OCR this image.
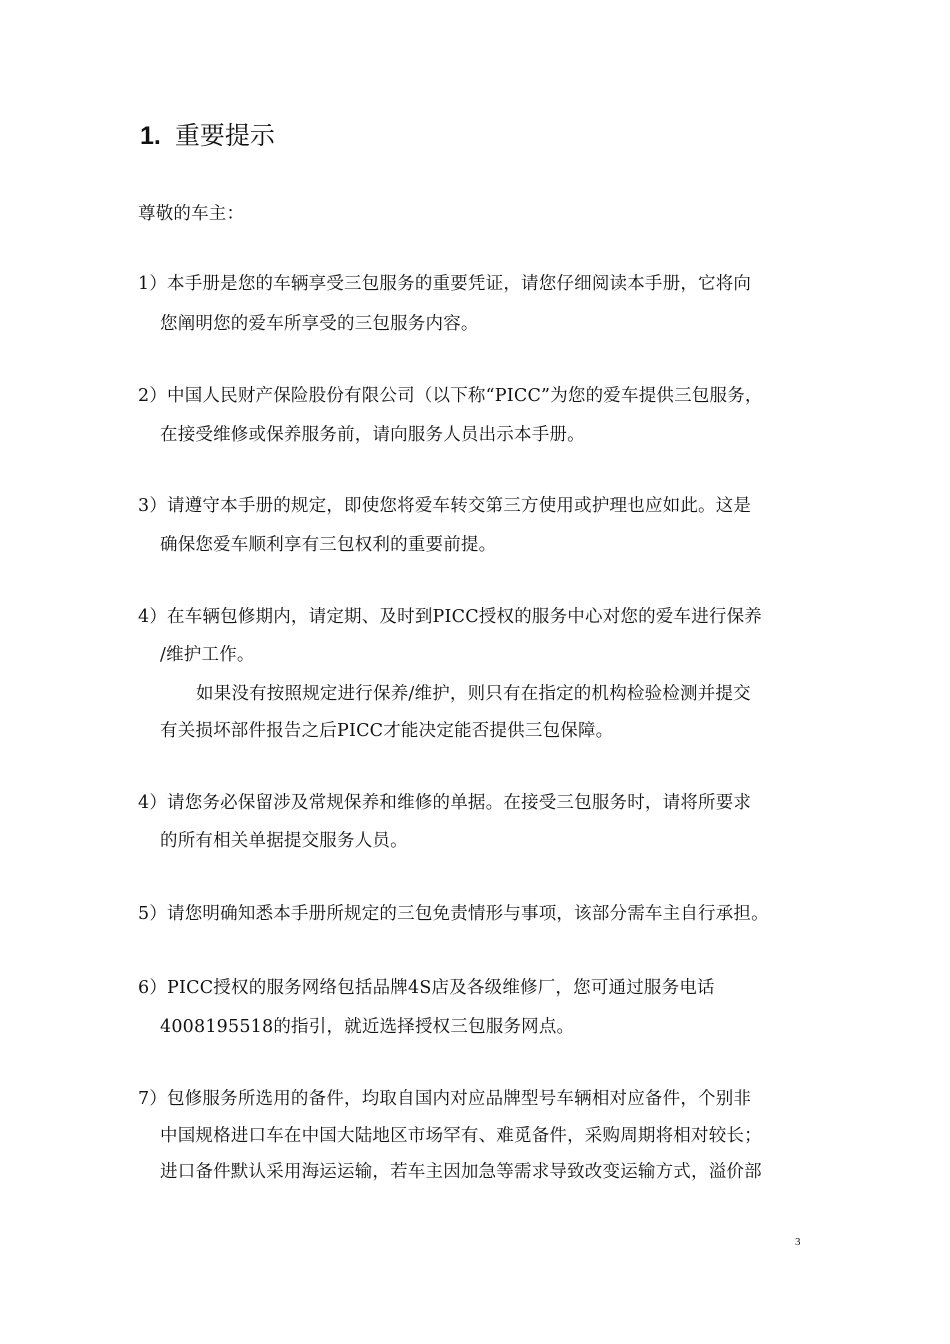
1. 重要提示
尊敬的车主：
1）本手册是您的车辆享受三包服务的重要凭证，请您仔细阅读本手册，它将向
您阐明您的爱车所享受的三包服务内容。
2）中国人民财产保险股份有限公司（以下称“PICC”为您的爱车提供三包服务，
在接受维修或保养服务前，请向服务人员出示本手册。
3）请遵守本手册的规定，即使您将爱车转交第三方使用或护理也应如此。这是
确保您爱车顺利享有三包权利的重要前提。
4）在车辆包修期内，请定期、及时到PICC授权的服务中心对您的爱车进行保养
/维护工作。
如果没有按照规定进行保养/维护，则只有在指定的机构检验检测并提交
有关损坏部件报告之后PICC才能决定能否提供三包保障。
4）请您务必保留涉及常规保养和维修的单据。在接受三包服务时，请将所要求
的所有相关单据提交服务人员。
5）请您明确知悉本手册所规定的三包免责情形与事项，该部分需车主自行承担。
6）PICC授权的服务网络包括品牌4S店及各级维修厂，您可通过服务电话
4008195518的指引，就近选择授权三包服务网点。
7）包修服务所选用的备件，均取自国内对应品牌型号车辆相对应备件，个别非
中国规格进口车在中国大陆地区市场罕有、难觅备件，采购周期将相对较长；
进口备件默认采用海运运输，若车主因加急等需求导致改变运输方式，溢价部
3
